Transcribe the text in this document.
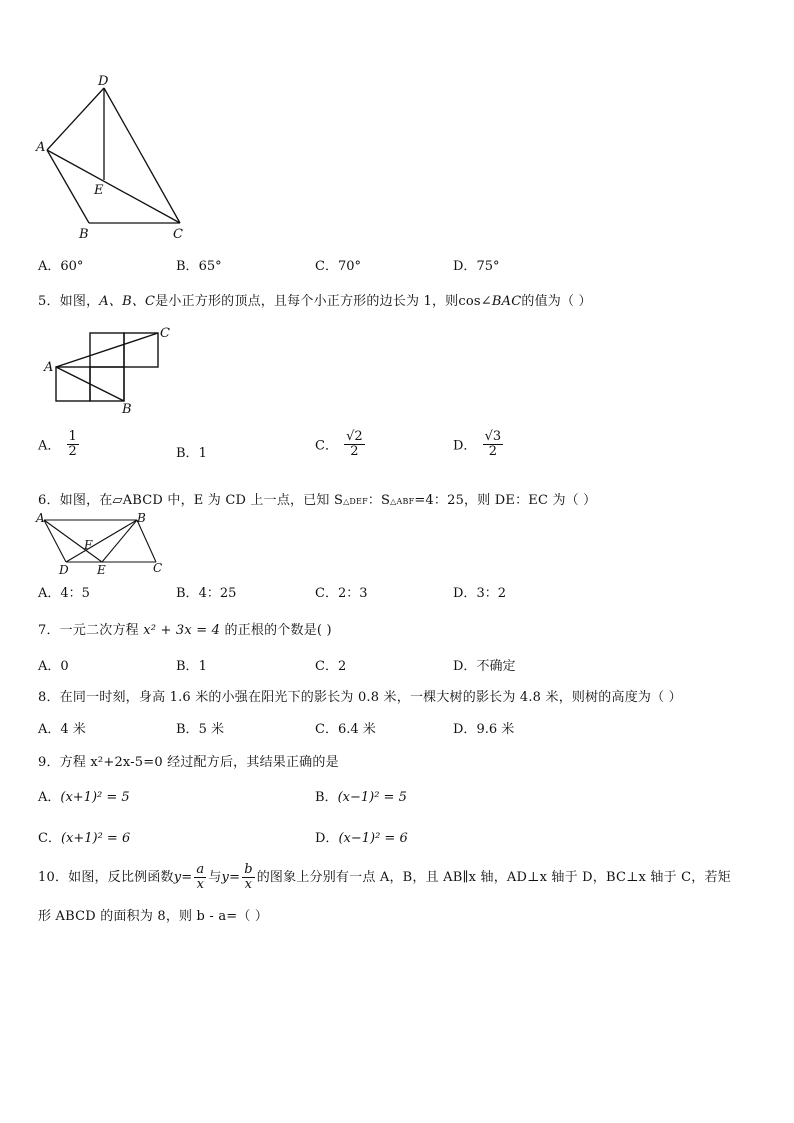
D
A
E
B	C
A．60°	B．65°	C．70°	D．75°
5．如图，A、B、C是小正方形的顶点，且每个小正方形的边长为 1，则cos∠BAC的值为（ ）
A
B
C
A． $\frac{1}{2}$	B．1	C． $\frac{√2}{2}$	D． $\frac{√3}{2}$
6．如图，在▱ABCD 中，E 为 CD 上一点，已知 S△DEF：S△ABF=4：25，则 DE：EC 为（ ）
A	B
F
D E	C
A．4：5	B．4：25	C．2：3	D．3：2
7．一元二次方程 x² + 3x = 4 的正根的个数是( )
A．0	B．1	C．2	D．不确定
8．在同一时刻，身高 1.6 米的小强在阳光下的影长为 0.8 米，一棵大树的影长为 4.8 米，则树的高度为（ ）
A．4 米	B．5 米	C．6.4 米	D．9.6 米
9．方程 x²+2x-5=0 经过配方后，其结果正确的是
A．(x+1)² = 5	B．(x−1)² = 5
C．(x+1)² = 6	D．(x−1)² = 6
10．如图，反比例函数$y= \frac{a}{x}$ 与$y= \frac{b}{x}$ 的图象上分别有一点 A，B，且 AB∥x 轴，AD⊥x 轴于 D，BC⊥x 轴于 C，若矩
形 ABCD 的面积为 8，则 b - a=（ ）
